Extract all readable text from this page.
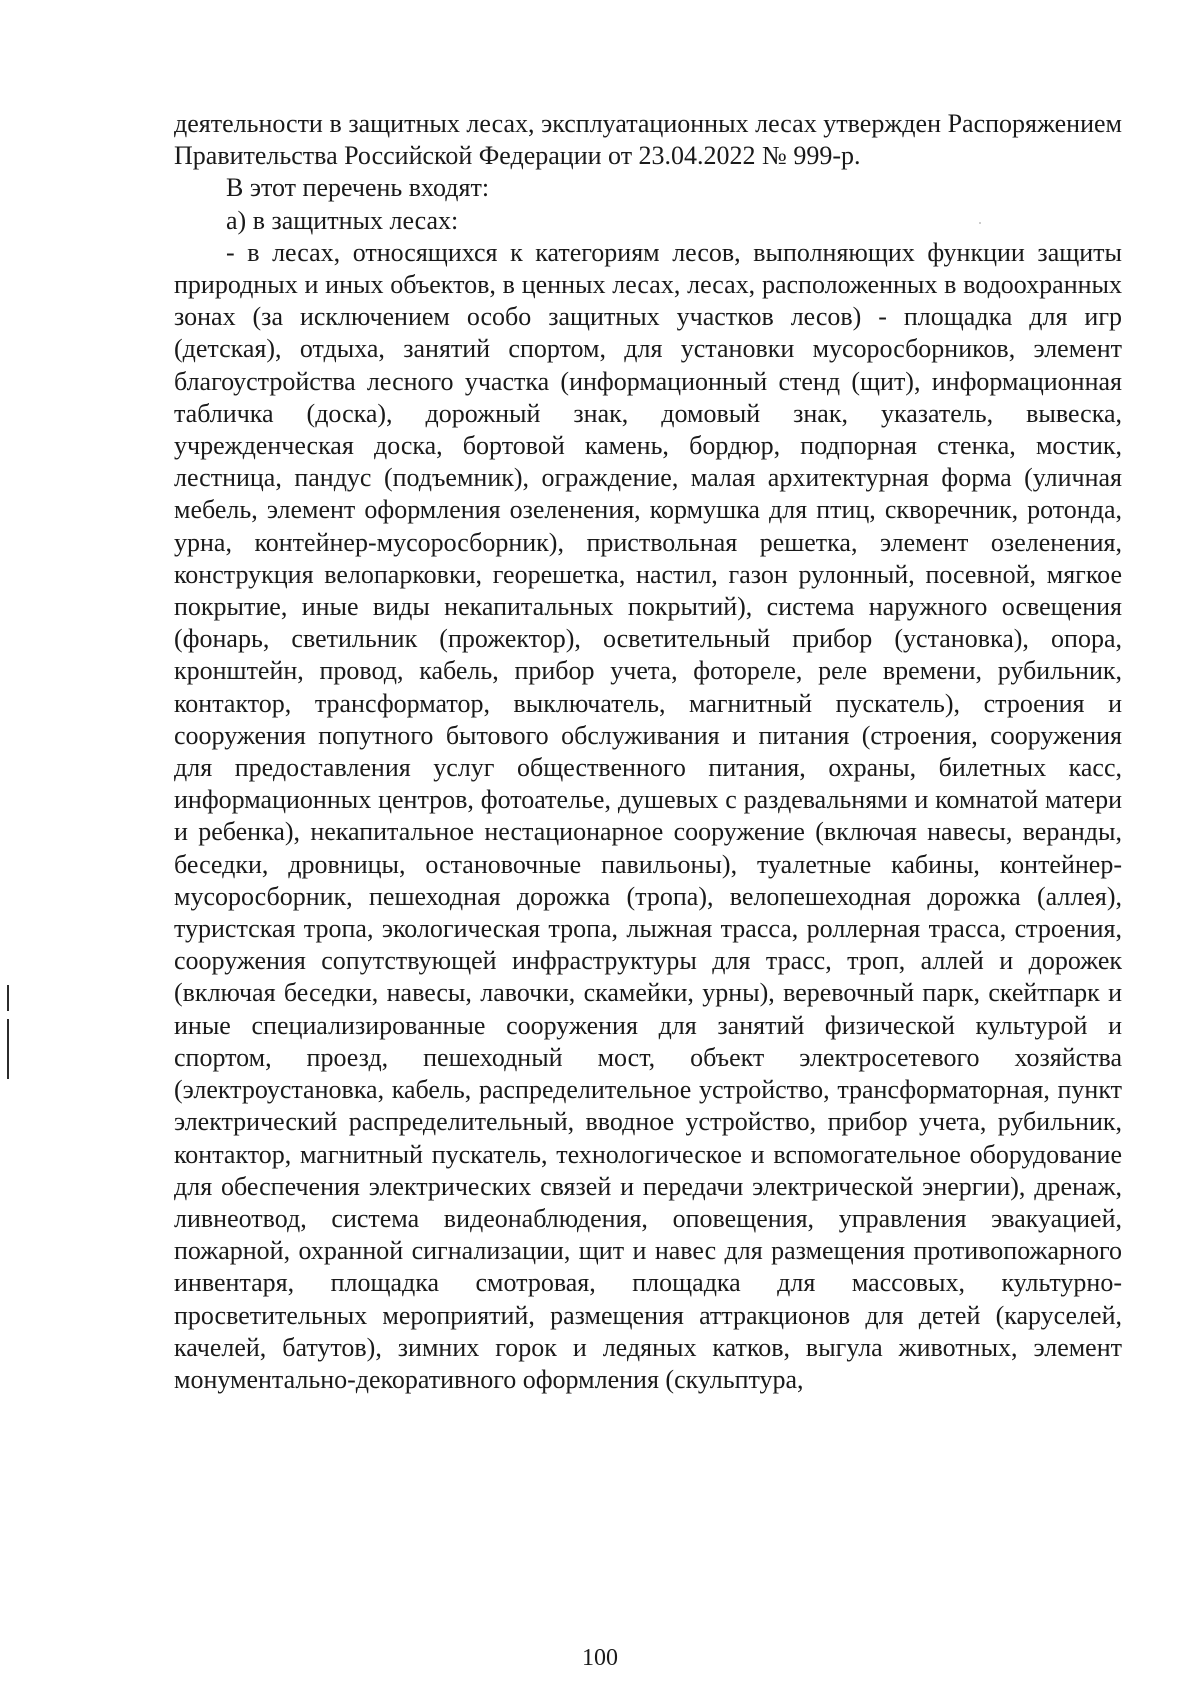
деятельности в защитных лесах, эксплуатационных лесах утвержден Распоряжением Правительства Российской Федерации от 23.04.2022 № 999-р.

В этот перечень входят:

а) в защитных лесах:

- в лесах, относящихся к категориям лесов, выполняющих функции защиты природных и иных объектов, в ценных лесах, лесах, расположенных в водоохранных зонах (за исключением особо защитных участков лесов) - площадка для игр (детская), отдыха, занятий спортом, для установки мусоросборников, элемент благоустройства лесного участка (информационный стенд (щит), информационная табличка (доска), дорожный знак, домовый знак, указатель, вывеска, учрежденческая доска, бортовой камень, бордюр, подпорная стенка, мостик, лестница, пандус (подъемник), ограждение, малая архитектурная форма (уличная мебель, элемент оформления озеленения, кормушка для птиц, скворечник, ротонда, урна, контейнер-мусоросборник), приствольная решетка, элемент озеленения, конструкция велопарковки, георешетка, настил, газон рулонный, посевной, мягкое покрытие, иные виды некапитальных покрытий), система наружного освещения (фонарь, светильник (прожектор), осветительный прибор (установка), опора, кронштейн, провод, кабель, прибор учета, фотореле, реле времени, рубильник, контактор, трансформатор, выключатель, магнитный пускатель), строения и сооружения попутного бытового обслуживания и питания (строения, сооружения для предоставления услуг общественного питания, охраны, билетных касс, информационных центров, фотоателье, душевых с раздевальнями и комнатой матери и ребенка), некапитальное нестационарное сооружение (включая навесы, веранды, беседки, дровницы, остановочные павильоны), туалетные кабины, контейнер-мусоросборник, пешеходная дорожка (тропа), велопешеходная дорожка (аллея), туристская тропа, экологическая тропа, лыжная трасса, роллерная трасса, строения, сооружения сопутствующей инфраструктуры для трасс, троп, аллей и дорожек (включая беседки, навесы, лавочки, скамейки, урны), веревочный парк, скейтпарк и иные специализированные сооружения для занятий физической культурой и спортом, проезд, пешеходный мост, объект электросетевого хозяйства (электроустановка, кабель, распределительное устройство, трансформаторная, пункт электрический распределительный, вводное устройство, прибор учета, рубильник, контактор, магнитный пускатель, технологическое и вспомогательное оборудование для обеспечения электрических связей и передачи электрической энергии), дренаж, ливнеотвод, система видеонаблюдения, оповещения, управления эвакуацией, пожарной, охранной сигнализации, щит и навес для размещения противопожарного инвентаря, площадка смотровая, площадка для массовых, культурно-просветительных мероприятий, размещения аттракционов для детей (каруселей, качелей, батутов), зимних горок и ледяных катков, выгула животных, элемент монументально-декоративного оформления (скульптура,

100
